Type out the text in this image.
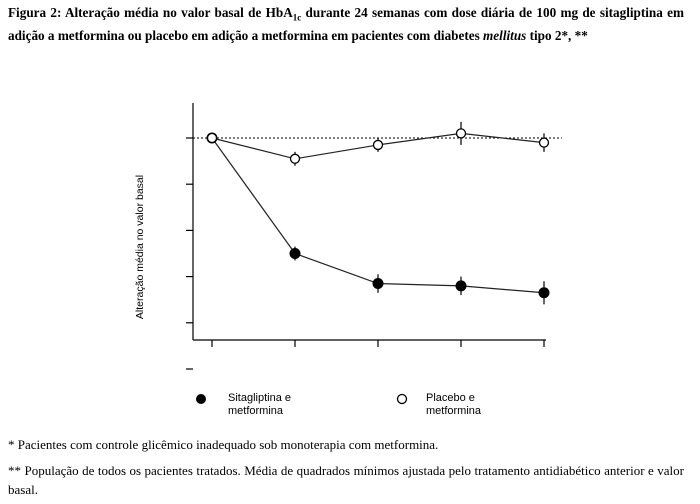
Figura 2: Alteração média no valor basal de HbA$_{1c}$ durante 24 semanas com dose diária de 100 mg de sitagliptina em adição a metformina ou placebo em adição a metformina em pacientes com diabetes mellitus tipo 2*, **
Alteração média no valor basal
Sitagliptina e
metformina
Placebo e
metformina
* Pacientes com controle glicêmico inadequado sob monoterapia com metformina.
** População de todos os pacientes tratados. Média de quadrados mínimos ajustada pelo tratamento antidiabético anterior e valor basal.
